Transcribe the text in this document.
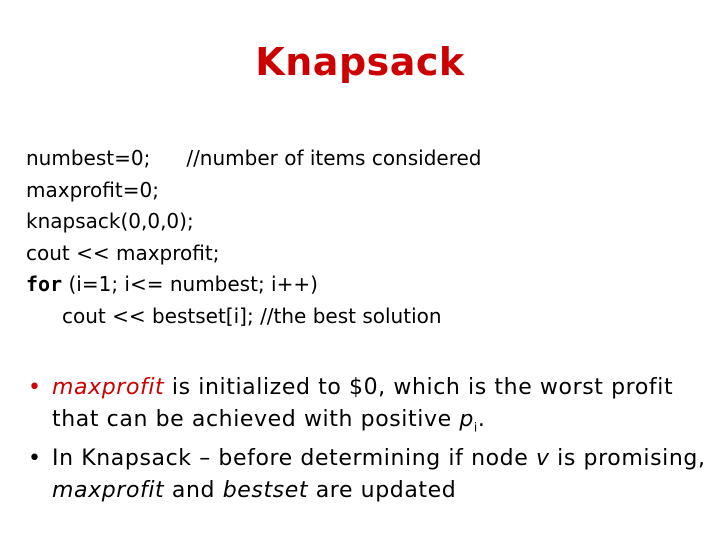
Knapsack
numbest=0; //number of items considered
maxprofit=0;
knapsack(0,0,0);
cout << maxprofit;
for (i=1; i<= numbest; i++)
cout << bestset[i]; //the best solution
• maxprofit is initialized to $0, which is the worst profit that can be achieved with positive $p_i$.
• In Knapsack – before determining if node v is promising, maxprofit and bestset are updated
